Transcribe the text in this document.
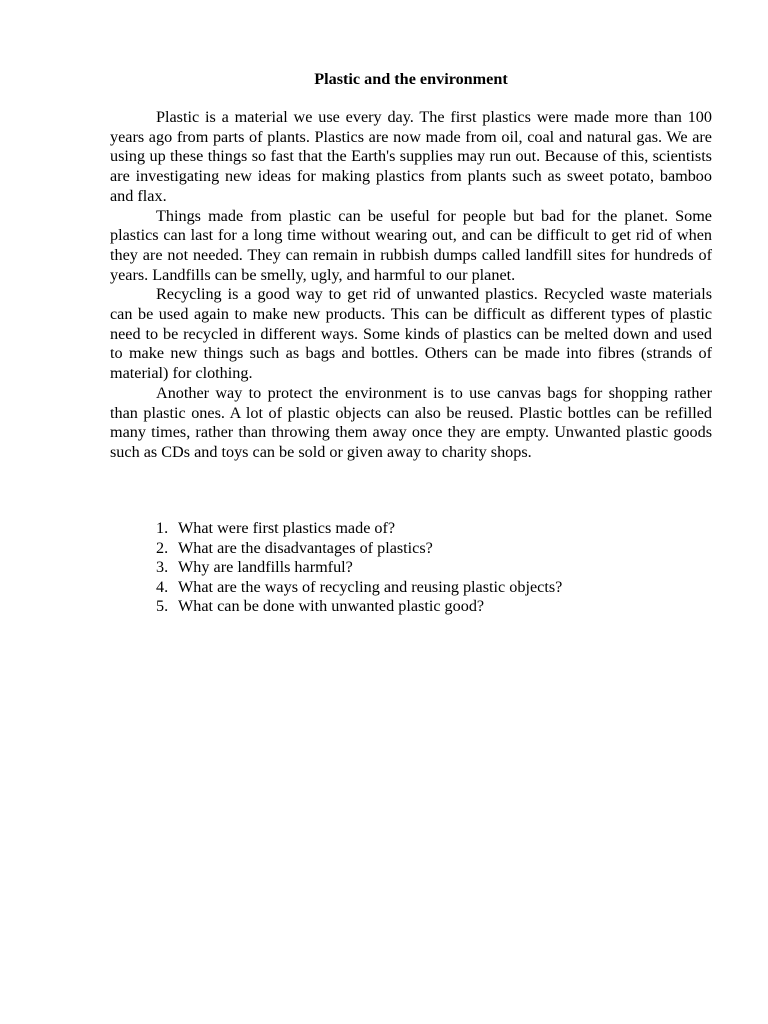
Plastic and the environment

Plastic is a material we use every day. The first plastics were made more than 100 years ago from parts of plants. Plastics are now made from oil, coal and natural gas. We are using up these things so fast that the Earth's supplies may run out. Because of this, scientists are investigating new ideas for making plastics from plants such as sweet potato, bamboo and flax.

Things made from plastic can be useful for people but bad for the planet. Some plastics can last for a long time without wearing out, and can be difficult to get rid of when they are not needed. They can remain in rubbish dumps called landfill sites for hundreds of years. Landfills can be smelly, ugly, and harmful to our planet.

Recycling is a good way to get rid of unwanted plastics. Recycled waste materials can be used again to make new products. This can be difficult as different types of plastic need to be recycled in different ways. Some kinds of plastics can be melted down and used to make new things such as bags and bottles. Others can be made into fibres (strands of material) for clothing.

Another way to protect the environment is to use canvas bags for shopping rather than plastic ones. A lot of plastic objects can also be reused. Plastic bottles can be refilled many times, rather than throwing them away once they are empty. Unwanted plastic goods such as CDs and toys can be sold or given away to charity shops.

1. What were first plastics made of?
2. What are the disadvantages of plastics?
3. Why are landfills harmful?
4. What are the ways of recycling and reusing plastic objects?
5. What can be done with unwanted plastic good?
